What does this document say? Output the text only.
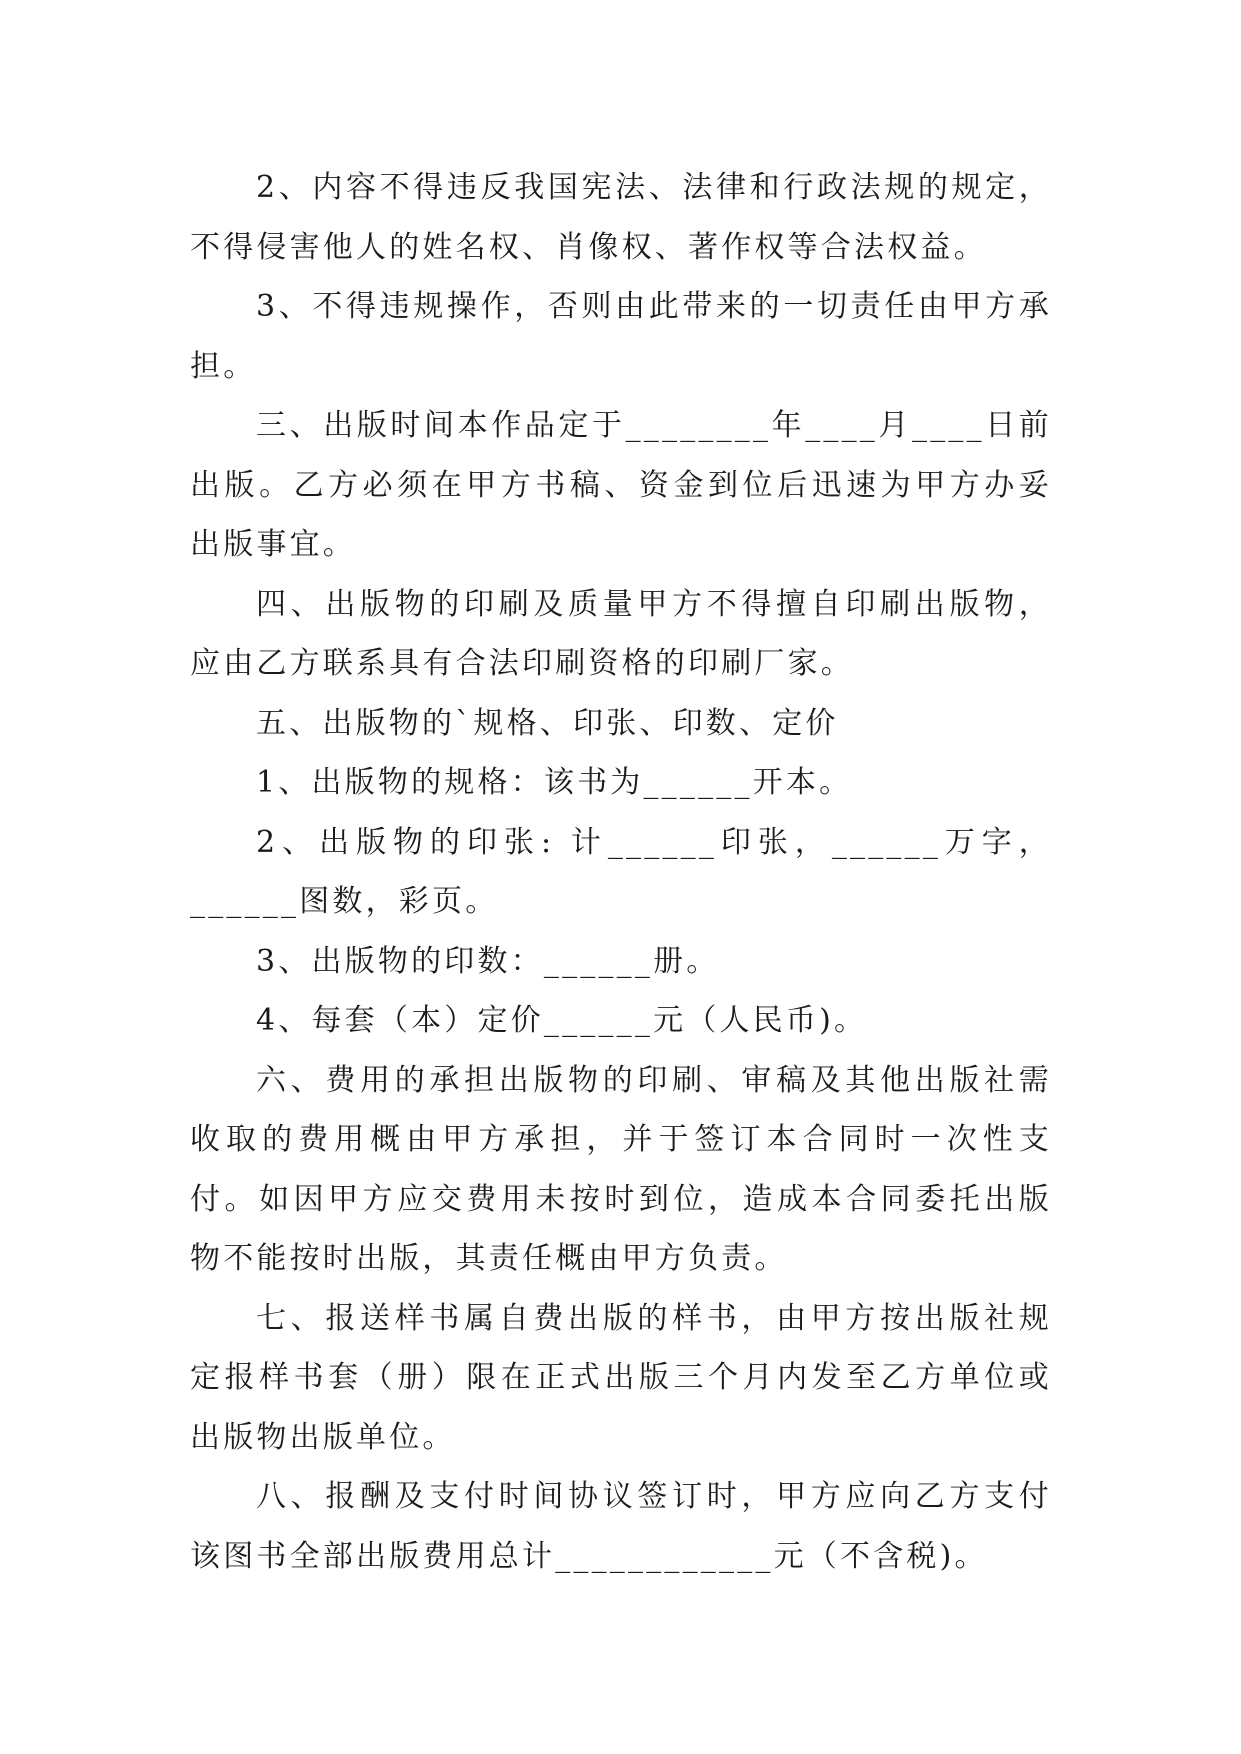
2、内容不得违反我国宪法、法律和行政法规的规定，不得侵害他人的姓名权、肖像权、著作权等合法权益。

3、不得违规操作，否则由此带来的一切责任由甲方承担。

三、出版时间本作品定于________年____月____日前出版。乙方必须在甲方书稿、资金到位后迅速为甲方办妥出版事宜。

四、出版物的印刷及质量甲方不得擅自印刷出版物，应由乙方联系具有合法印刷资格的印刷厂家。

五、出版物的`规格、印张、印数、定价

1、出版物的规格：该书为______开本。

2、出版物的印张: 计______印张，______万字，______图数，彩页。

3、出版物的印数：______册。

4、每套（本）定价______元（人民币)。

六、费用的承担出版物的印刷、审稿及其他出版社需收取的费用概由甲方承担，并于签订本合同时一次性支付。如因甲方应交费用未按时到位，造成本合同委托出版物不能按时出版，其责任概由甲方负责。

七、报送样书属自费出版的样书，由甲方按出版社规定报样书套（册）限在正式出版三个月内发至乙方单位或出版物出版单位。

八、报酬及支付时间协议签订时，甲方应向乙方支付该图书全部出版费用总计____________元（不含税)。
